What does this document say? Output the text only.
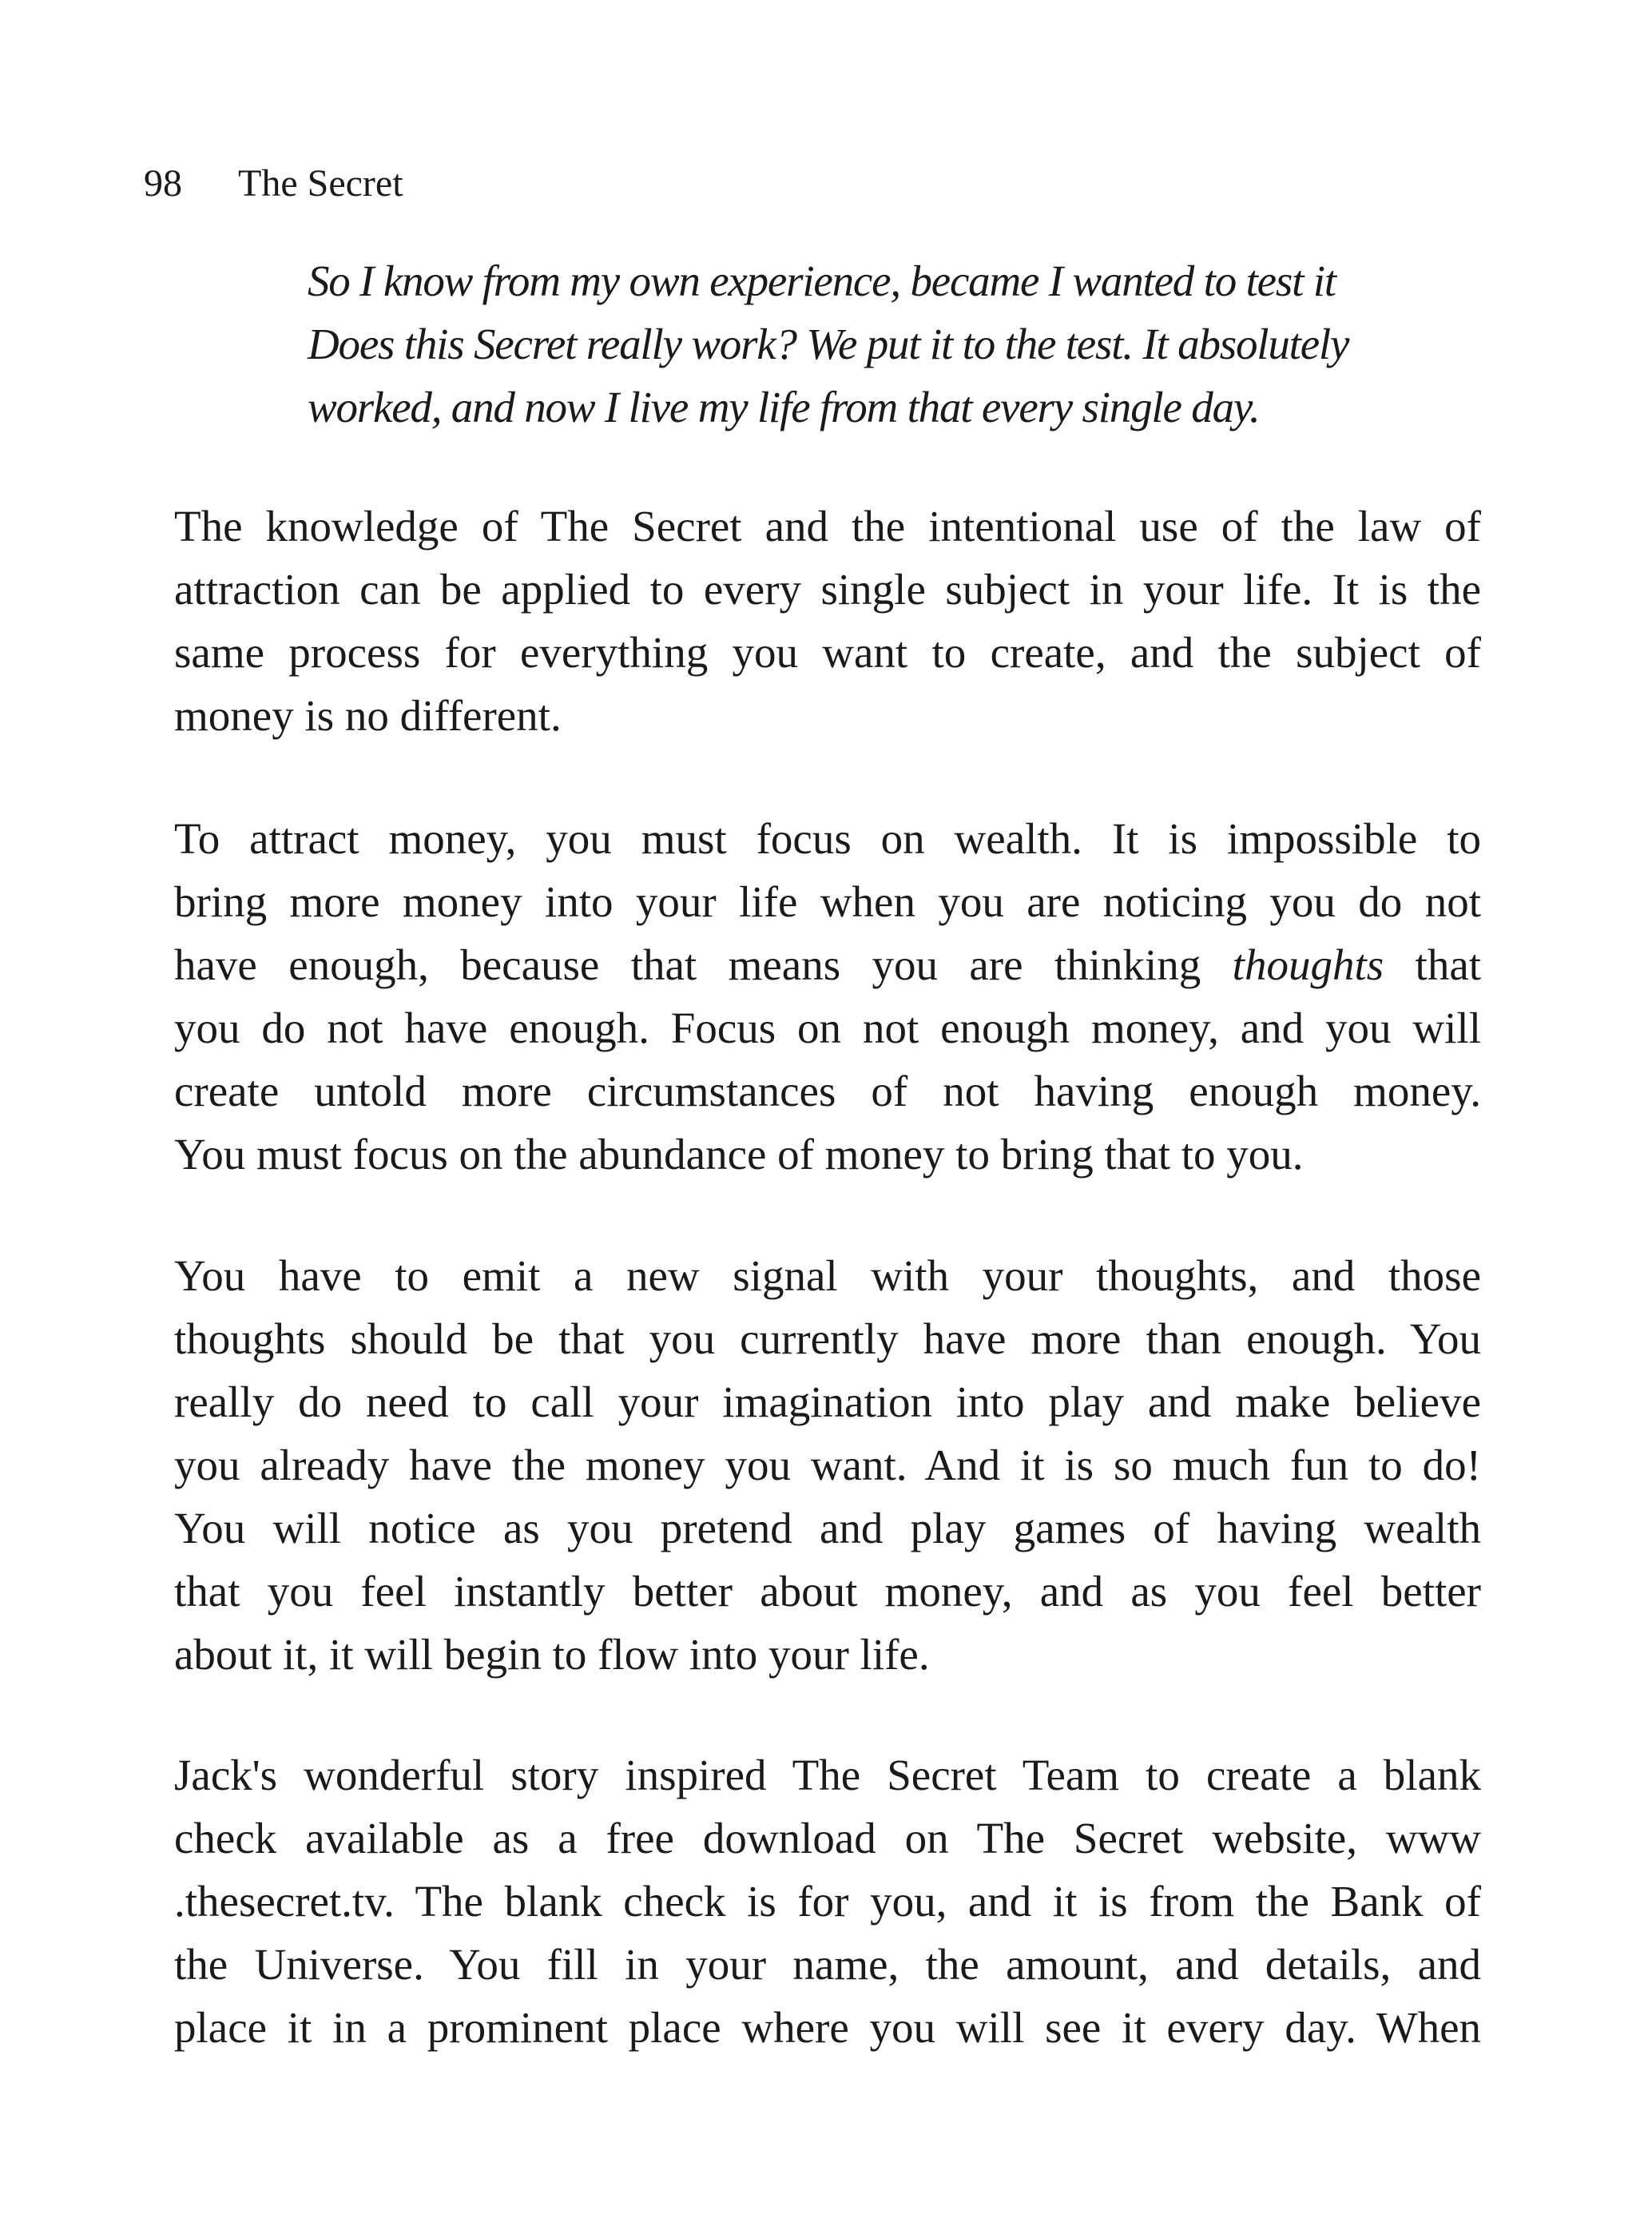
98 The Secret
So I know from my own experience, became I wanted to test it
Does this Secret really work? We put it to the test. It absolutely
worked, and now I live my life from that every single day.
The knowledge of The Secret and the intentional use of the law of
attraction can be applied to every single subject in your life. It is the
same process for everything you want to create, and the subject of
money is no different.
To attract money, you must focus on wealth. It is impossible to
bring more money into your life when you are noticing you do not
have enough, because that means you are thinking thoughts that
you do not have enough. Focus on not enough money, and you will
create untold more circumstances of not having enough money.
You must focus on the abundance of money to bring that to you.
You have to emit a new signal with your thoughts, and those
thoughts should be that you currently have more than enough. You
really do need to call your imagination into play and make believe
you already have the money you want. And it is so much fun to do!
You will notice as you pretend and play games of having wealth
that you feel instantly better about money, and as you feel better
about it, it will begin to flow into your life.
Jack's wonderful story inspired The Secret Team to create a blank
check available as a free download on The Secret website, www
.thesecret.tv. The blank check is for you, and it is from the Bank of
the Universe. You fill in your name, the amount, and details, and
place it in a prominent place where you will see it every day. When
